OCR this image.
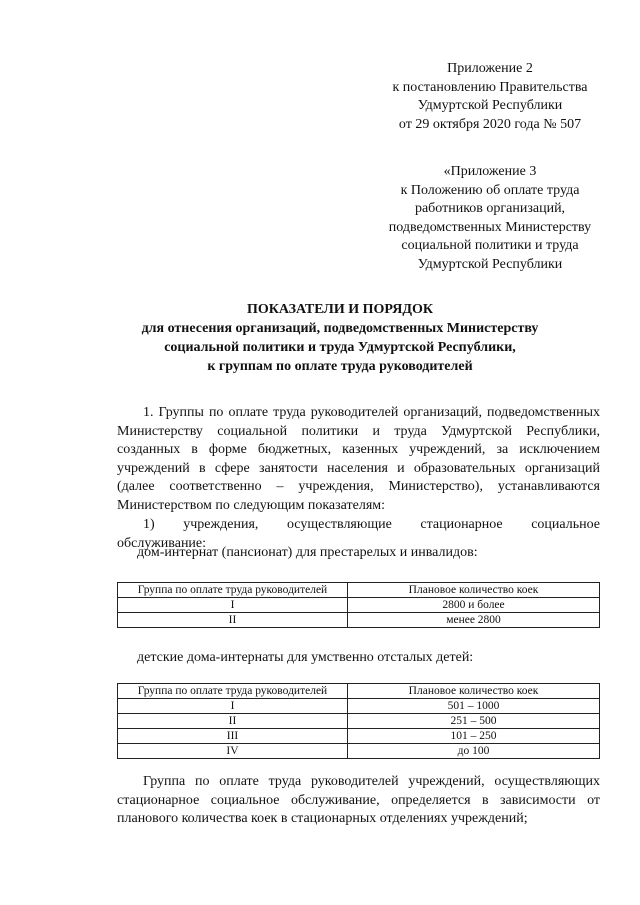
Приложение 2
к постановлению Правительства
Удмуртской Республики
от 29 октября 2020 года № 507
«Приложение 3
к Положению об оплате труда
работников организаций,
подведомственных Министерству
социальной политики и труда
Удмуртской Республики
ПОКАЗАТЕЛИ И ПОРЯДОК
для отнесения организаций, подведомственных Министерству
социальной политики и труда Удмуртской Республики,
к группам по оплате труда руководителей
1. Группы по оплате труда руководителей организаций, подведомственных Министерству социальной политики и труда Удмуртской Республики, созданных в форме бюджетных, казенных учреждений, за исключением учреждений в сфере занятости населения и образовательных организаций (далее соответственно – учреждения, Министерство), устанавливаются Министерством по следующим показателям:
1) учреждения, осуществляющие стационарное социальное
обслуживание:
дом-интернат (пансионат) для престарелых и инвалидов:
Группа по оплате труда руководителей	Плановое количество коек
I	2800 и более
II	менее 2800
детские дома-интернаты для умственно отсталых детей:
Группа по оплате труда руководителей	Плановое количество коек
I	501 – 1000
II	251 – 500
III	101 – 250
IV	до 100
Группа по оплате труда руководителей учреждений, осуществляющих стационарное социальное обслуживание, определяется в зависимости от планового количества коек в стационарных отделениях учреждений;
